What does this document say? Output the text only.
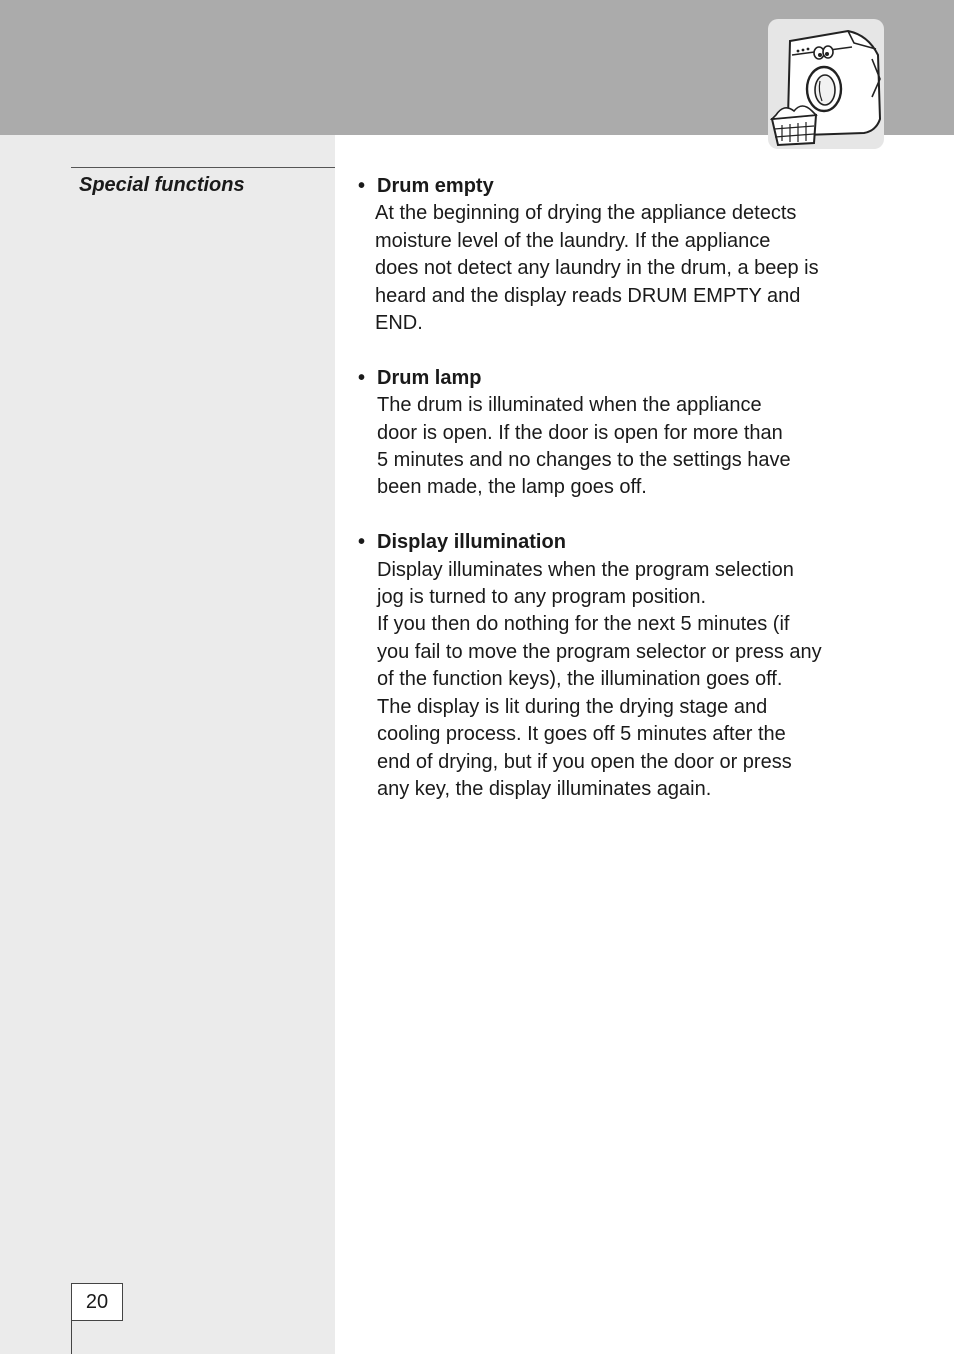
Special functions	• Drum empty
At the beginning of drying the appliance detects
moisture level of the laundry. If the appliance
does not detect any laundry in the drum, a beep is
heard and the display reads DRUM EMPTY and
END.
• Drum lamp
The drum is illuminated when the appliance
door is open. If the door is open for more than
5 minutes and no changes to the settings have
been made, the lamp goes off.
• Display illumination
Display illuminates when the program selection
jog is turned to any program position.
If you then do nothing for the next 5 minutes (if
you fail to move the program selector or press any
of the function keys), the illumination goes off.
The display is lit during the drying stage and
cooling process. It goes off 5 minutes after the
end of drying, but if you open the door or press
any key, the display illuminates again.
20
